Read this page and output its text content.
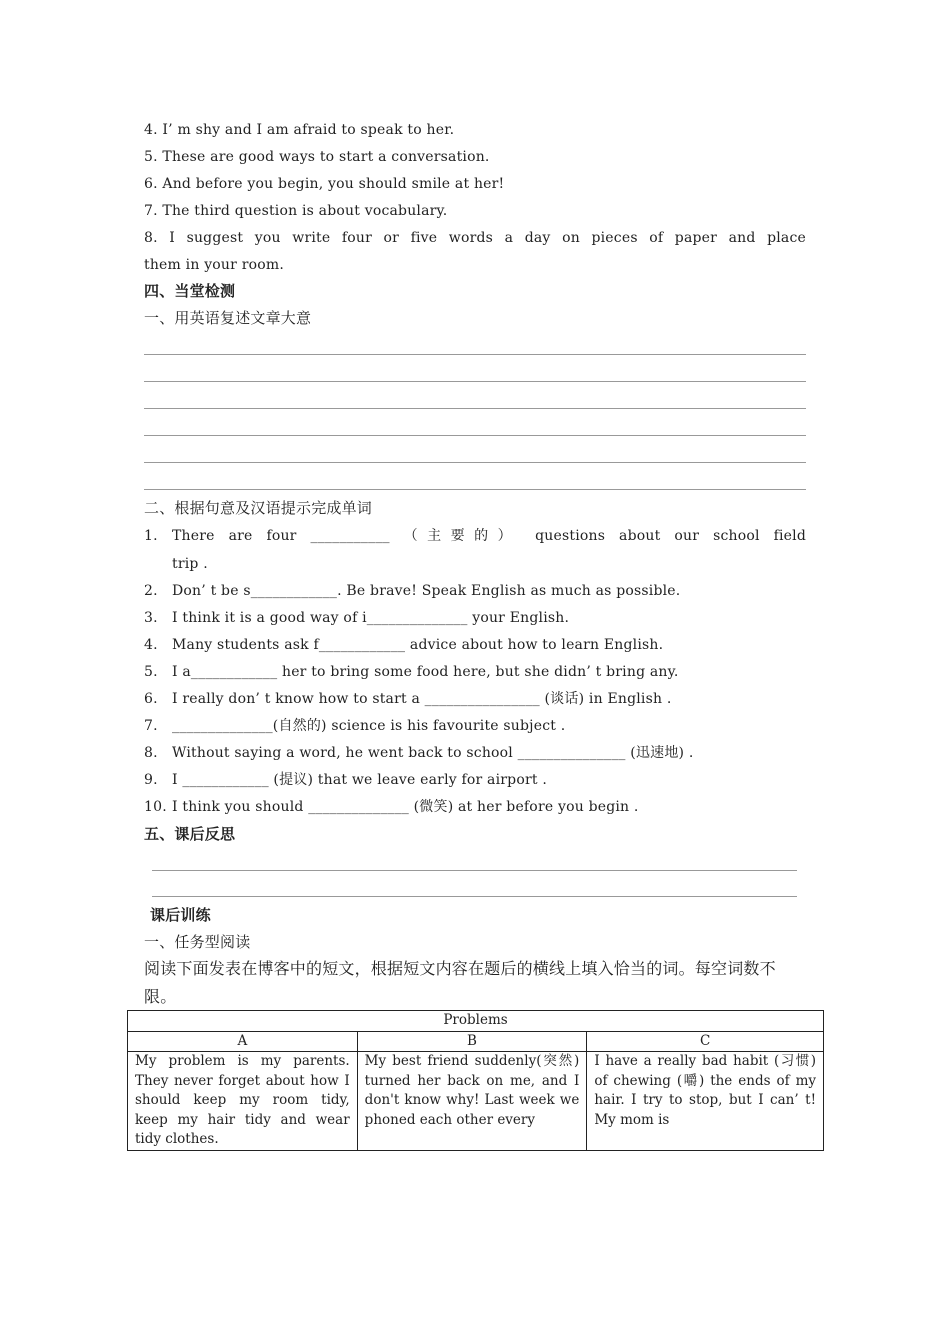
4. I’ m shy and I am afraid to speak to her.
5. These are good ways to start a conversation.
6. And before you begin, you should smile at her!
7. The third question is about vocabulary.
8. I suggest you write four or five words a day on pieces of paper and place
them in your room.
四、当堂检测
一、用英语复述文章大意
二、根据句意及汉语提示完成单词
1.	There are four ___________ （主要的） questions about our school field
trip .
2. Don’ t be s____________. Be brave! Speak English as much as possible.
3. I think it is a good way of i______________ your English.
4. Many students ask f____________ advice about how to learn English.
5. I a____________ her to bring some food here, but she didn’ t bring any.
6. I really don’ t know how to start a ________________ (谈话) in English .
7. ______________(自然的) science is his favourite subject .
8. Without saying a word, he went back to school _______________ (迅速地) .
9. I ____________ (提议) that we leave early for airport .
10. I think you should ______________ (微笑) at her before you begin .
五、课后反思
课后训练
一、任务型阅读
阅读下面发表在博客中的短文，根据短文内容在题后的横线上填入恰当的词。每空词数不
限。
Problems		
A	B	C
My problem is my parents. They never forget about how I should keep my room tidy, keep my hair tidy and wear tidy clothes.	My best friend suddenly(突然) turned her back on me, and I don't know why! Last week we phoned each other every	I have a really bad habit (习惯) of chewing (嚼) the ends of my hair. I try to stop, but I can’ t! My mom is
